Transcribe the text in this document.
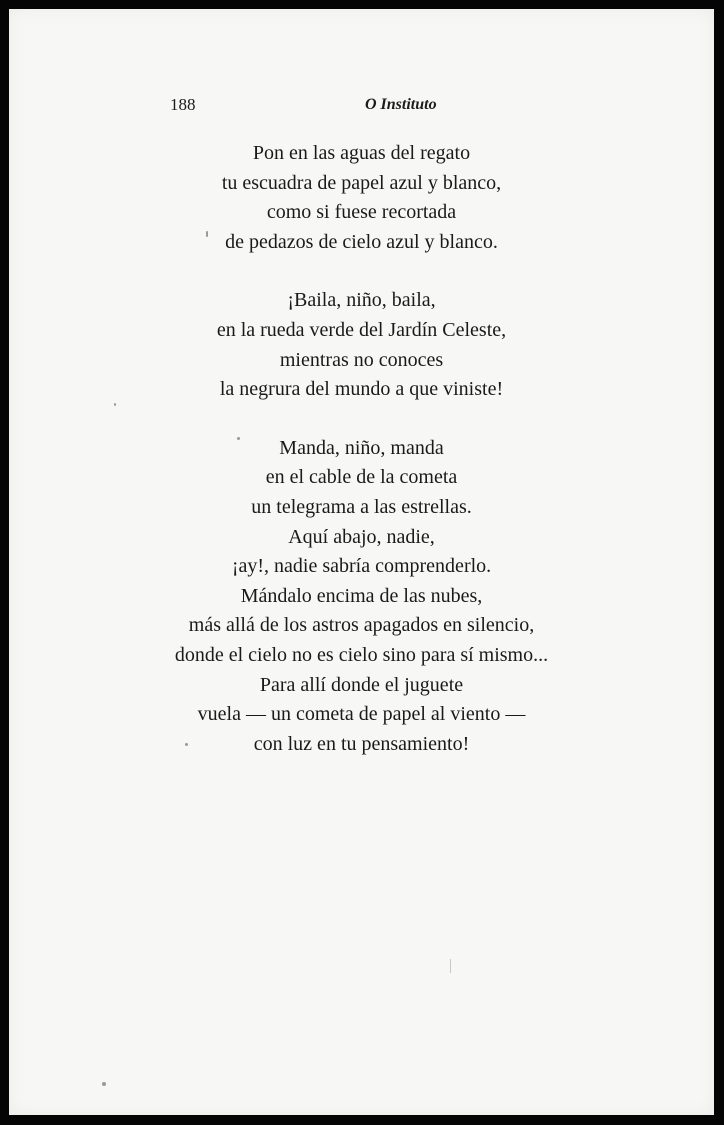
188	O Instituto
Pon en las aguas del regato
tu escuadra de papel azul y blanco,
como si fuese recortada
de pedazos de cielo azul y blanco.
¡Baila, niño, baila,
en la rueda verde del Jardín Celeste,
mientras no conoces
la negrura del mundo a que viniste!
Manda, niño, manda
en el cable de la cometa
un telegrama a las estrellas.
Aquí abajo, nadie,
¡ay!, nadie sabría comprenderlo.
Mándalo encima de las nubes,
más allá de los astros apagados en silencio,
donde el cielo no es cielo sino para sí mismo...
Para allí donde el juguete
vuela — un cometa de papel al viento —
con luz en tu pensamiento!
